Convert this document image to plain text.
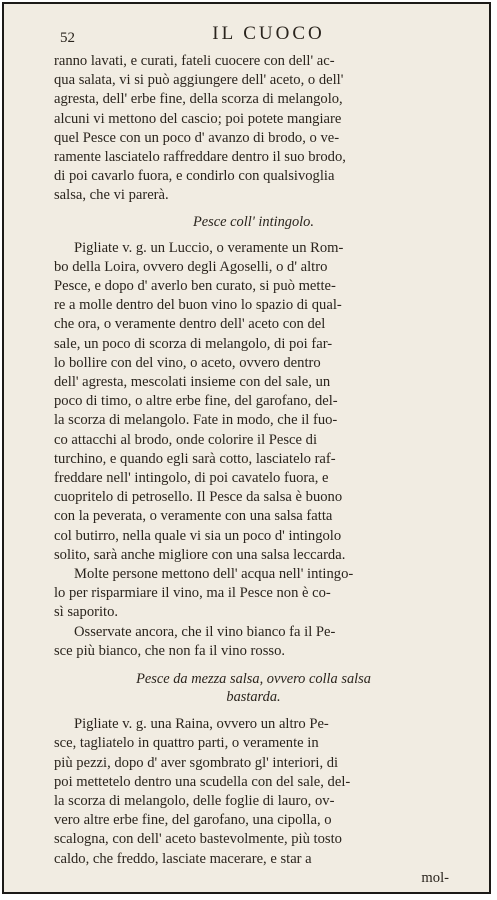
52	IL CUOCO

ranno lavati, e curati, fateli cuocere con dell' ac-
qua salata, vi si può aggiungere dell' aceto, o dell'
agresta, dell' erbe fine, della scorza di melangolo,
alcuni vi mettono del cascio; poi potete mangiare
quel Pesce con un poco d' avanzo di brodo, o ve-
ramente lasciatelo raffreddare dentro il suo brodo,
di poi cavarlo fuora, e condirlo con qualsivoglia
salsa, che vi parerà.

Pesce coll' intingolo.

Pigliate v. g. un Luccio, o veramente un Rom-
bo della Loira, ovvero degli Agoselli, o d' altro
Pesce, e dopo d' averlo ben curato, si può mette-
re a molle dentro del buon vino lo spazio di qual-
che ora, o veramente dentro dell' aceto con del
sale, un poco di scorza di melangolo, di poi far-
lo bollire con del vino, o aceto, ovvero dentro
dell' agresta, mescolati insieme con del sale, un
poco di timo, o altre erbe fine, del garofano, del-
la scorza di melangolo. Fate in modo, che il fuo-
co attacchi al brodo, onde colorire il Pesce di
turchino, e quando egli sarà cotto, lasciatelo raf-
freddare nell' intingolo, di poi cavatelo fuora, e
cuopritelo di petrosello. Il Pesce da salsa è buono
con la peverata, o veramente con una salsa fatta
col butirro, nella quale vi sia un poco d' intingolo
solito, sarà anche migliore con una salsa leccarda.

Molte persone mettono dell' acqua nell' intingo-
lo per risparmiare il vino, ma il Pesce non è co-
sì saporito.

Osservate ancora, che il vino bianco fa il Pe-
sce più bianco, che non fa il vino rosso.

Pesce da mezza salsa, ovvero colla salsa
bastarda.

Pigliate v. g. una Raina, ovvero un altro Pe-
sce, tagliatelo in quattro parti, o veramente in
più pezzi, dopo d' aver sgombrato gl' interiori, di
poi mettetelo dentro una scudella con del sale, del-
la scorza di melangolo, delle foglie di lauro, ov-
vero altre erbe fine, del garofano, una cipolla, o
scalogna, con dell' aceto bastevolmente, più tosto
caldo, che freddo, lasciate macerare, e star a

mol-
